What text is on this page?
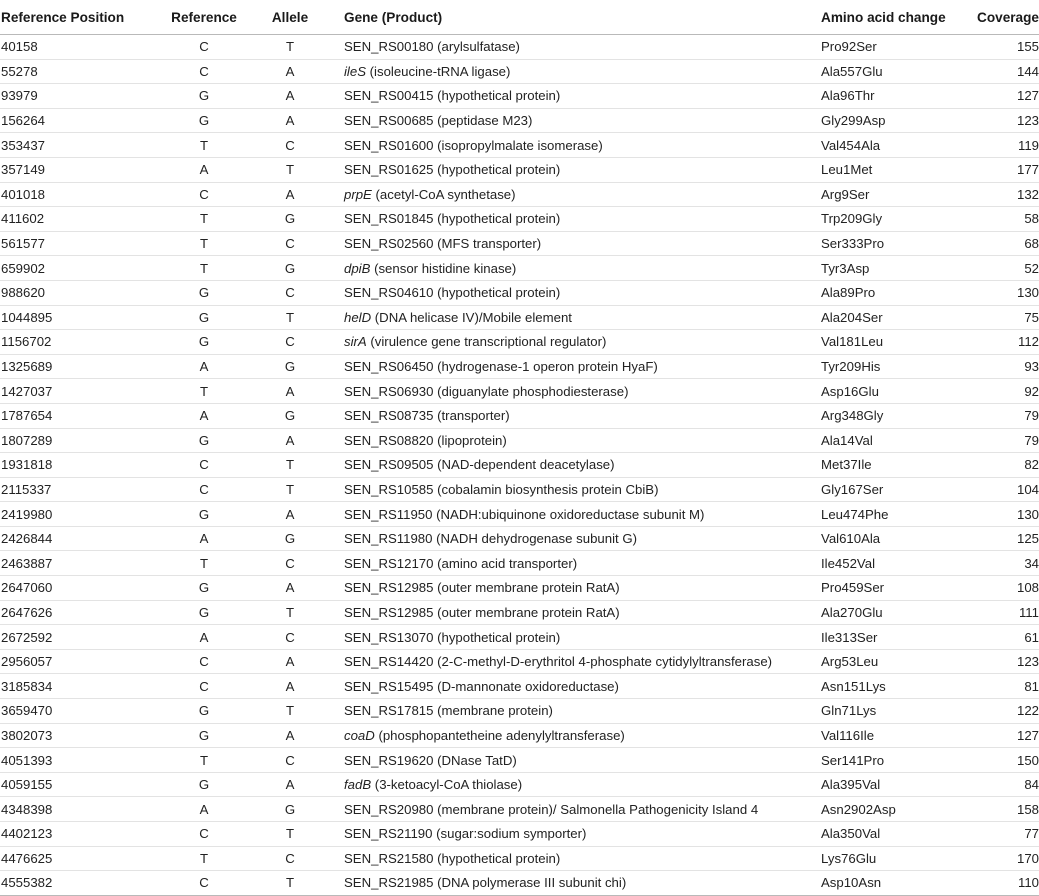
Reference Position	Reference	Allele	Gene (Product)	Amino acid change	Coverage
40158	C	T	SEN_RS00180 (arylsulfatase)	Pro92Ser	155
55278	C	A	ileS (isoleucine-tRNA ligase)	Ala557Glu	144
93979	G	A	SEN_RS00415 (hypothetical protein)	Ala96Thr	127
156264	G	A	SEN_RS00685 (peptidase M23)	Gly299Asp	123
353437	T	C	SEN_RS01600 (isopropylmalate isomerase)	Val454Ala	119
357149	A	T	SEN_RS01625 (hypothetical protein)	Leu1Met	177
401018	C	A	prpE (acetyl-CoA synthetase)	Arg9Ser	132
411602	T	G	SEN_RS01845 (hypothetical protein)	Trp209Gly	58
561577	T	C	SEN_RS02560 (MFS transporter)	Ser333Pro	68
659902	T	G	dpiB (sensor histidine kinase)	Tyr3Asp	52
988620	G	C	SEN_RS04610 (hypothetical protein)	Ala89Pro	130
1044895	G	T	helD (DNA helicase IV)/Mobile element	Ala204Ser	75
1156702	G	C	sirA (virulence gene transcriptional regulator)	Val181Leu	112
1325689	A	G	SEN_RS06450 (hydrogenase-1 operon protein HyaF)	Tyr209His	93
1427037	T	A	SEN_RS06930 (diguanylate phosphodiesterase)	Asp16Glu	92
1787654	A	G	SEN_RS08735 (transporter)	Arg348Gly	79
1807289	G	A	SEN_RS08820 (lipoprotein)	Ala14Val	79
1931818	C	T	SEN_RS09505 (NAD-dependent deacetylase)	Met37Ile	82
2115337	C	T	SEN_RS10585 (cobalamin biosynthesis protein CbiB)	Gly167Ser	104
2419980	G	A	SEN_RS11950 (NADH:ubiquinone oxidoreductase subunit M)	Leu474Phe	130
2426844	A	G	SEN_RS11980 (NADH dehydrogenase subunit G)	Val610Ala	125
2463887	T	C	SEN_RS12170 (amino acid transporter)	Ile452Val	34
2647060	G	A	SEN_RS12985 (outer membrane protein RatA)	Pro459Ser	108
2647626	G	T	SEN_RS12985 (outer membrane protein RatA)	Ala270Glu	111
2672592	A	C	SEN_RS13070 (hypothetical protein)	Ile313Ser	61
2956057	C	A	SEN_RS14420 (2-C-methyl-D-erythritol 4-phosphate cytidylyltransferase)	Arg53Leu	123
3185834	C	A	SEN_RS15495 (D-mannonate oxidoreductase)	Asn151Lys	81
3659470	G	T	SEN_RS17815 (membrane protein)	Gln71Lys	122
3802073	G	A	coaD (phosphopantetheine adenylyltransferase)	Val116Ile	127
4051393	T	C	SEN_RS19620 (DNase TatD)	Ser141Pro	150
4059155	G	A	fadB (3-ketoacyl-CoA thiolase)	Ala395Val	84
4348398	A	G	SEN_RS20980 (membrane protein)/ Salmonella Pathogenicity Island 4	Asn2902Asp	158
4402123	C	T	SEN_RS21190 (sugar:sodium symporter)	Ala350Val	77
4476625	T	C	SEN_RS21580 (hypothetical protein)	Lys76Glu	170
4555382	C	T	SEN_RS21985 (DNA polymerase III subunit chi)	Asp10Asn	110
